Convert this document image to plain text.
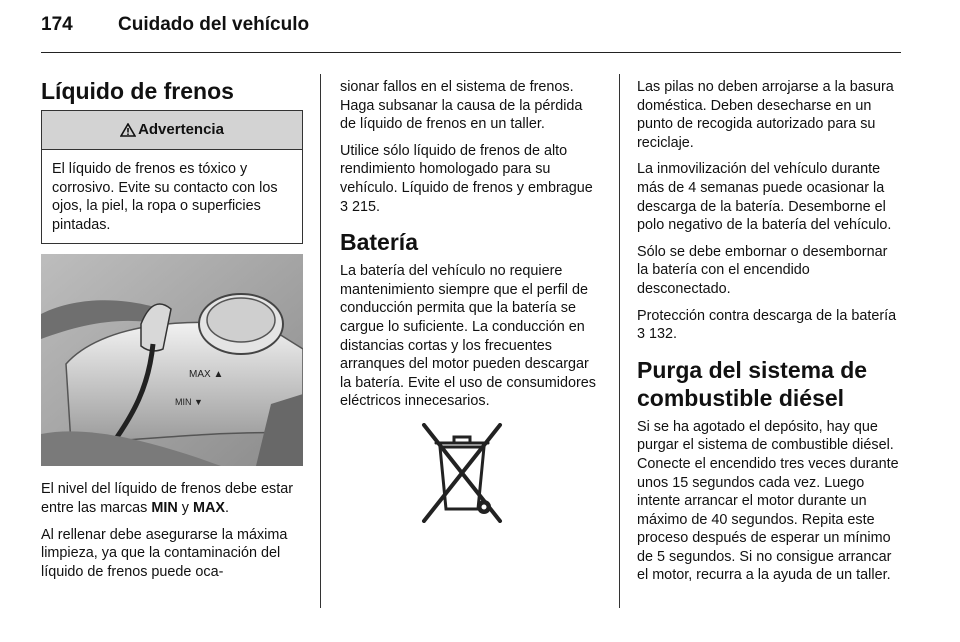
174 Cuidado del vehículo
Líquido de frenos
Advertencia
El líquido de frenos es tóxico y corrosivo. Evite su contacto con los ojos, la piel, la ropa o superficies pintadas.
MAX ▲
MIN ▼

El nivel del líquido de frenos debe estar entre las marcas MIN y MAX.

Al rellenar debe asegurarse la máxima limpieza, ya que la contaminación del líquido de frenos puede oca-

sionar fallos en el sistema de frenos. Haga subsanar la causa de la pérdida de líquido de frenos en un taller.

Utilice sólo líquido de frenos de alto rendimiento homologado para su vehículo. Líquido de frenos y embrague
3 215.

Batería

La batería del vehículo no requiere mantenimiento siempre que el perfil de conducción permita que la batería se cargue lo suficiente. La conducción en distancias cortas y los frecuentes arranques del motor pueden descargar la batería. Evite el uso de consumidores eléctricos innecesarios.

Las pilas no deben arrojarse a la basura doméstica. Deben desecharse en un punto de recogida autorizado para su reciclaje.

La inmovilización del vehículo durante más de 4 semanas puede ocasionar la descarga de la batería. Desemborne el polo negativo de la batería del vehículo.

Sólo se debe embornar o desembornar la batería con el encendido desconectado.

Protección contra descarga de la batería 3 132.

Purga del sistema de combustible diésel

Si se ha agotado el depósito, hay que purgar el sistema de combustible diésel. Conecte el encendido tres veces durante unos 15 segundos cada vez. Luego intente arrancar el motor durante un máximo de 40 segundos. Repita este proceso después de esperar un mínimo de 5 segundos. Si no consigue arrancar el motor, recurra a la ayuda de un taller.
